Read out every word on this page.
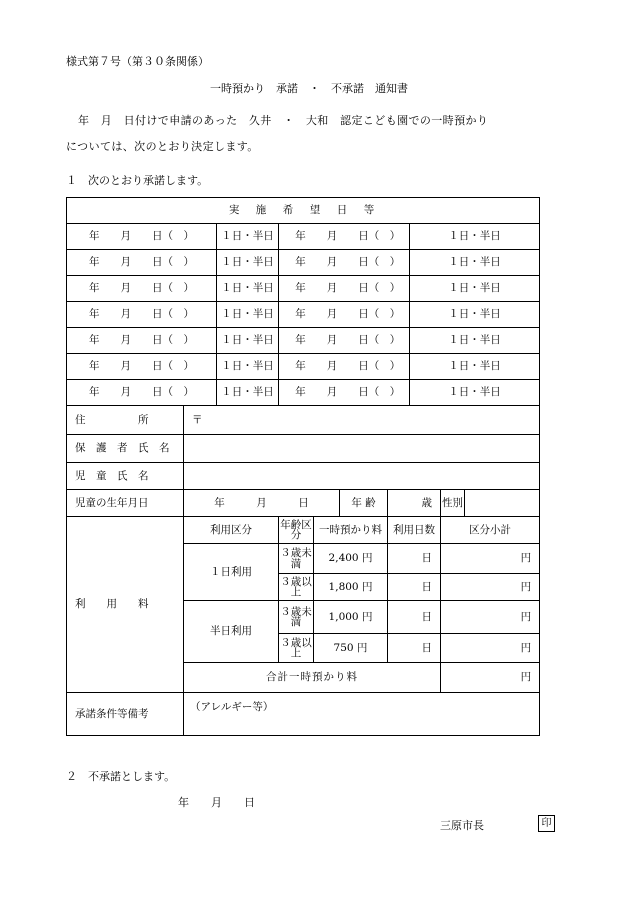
様式第７号（第３０条関係）
一時預かり　承諾　・　不承諾　通知書
年　月　日付けで申請のあった　久井　・　大和　認定こども園での一時預かり
については、次のとおり決定します。
１　次のとおり承諾します。
実　施　希　望　日　等										
年　　月　　日（　）		１日・半日		年　　月　　日（　）				１日・半日		
年　　月　　日（　）		１日・半日		年　　月　　日（　）				１日・半日		
年　　月　　日（　）		１日・半日		年　　月　　日（　）				１日・半日		
年　　月　　日（　）		１日・半日		年　　月　　日（　）				１日・半日		
年　　月　　日（　）		１日・半日		年　　月　　日（　）				１日・半日		
年　　月　　日（　）		１日・半日		年　　月　　日（　）				１日・半日		
年　　月　　日（　）		１日・半日		年　　月　　日（　）				１日・半日		
住　　　　　所	〒									
保　護　者　氏　名										
児　童　氏　名										
児童の生年月日	年　　　月　　　日					年 齢	歳		性別	
利　　用　　料	利用区分		年齢区分		一時預かり料		利用日数		区分小計	
	１日利用		３歳未満		2,400 円		日		円	
			３歳以上		1,800 円		日		円	
	半日利用		３歳未満		1,000 円		日		円	
			３歳以上		750 円		日		円	
	合計一時預かり料								円	
承諾条件等備考	（アレルギー等）									
２　不承諾とします。
年　　月　　日
三原市長	印
